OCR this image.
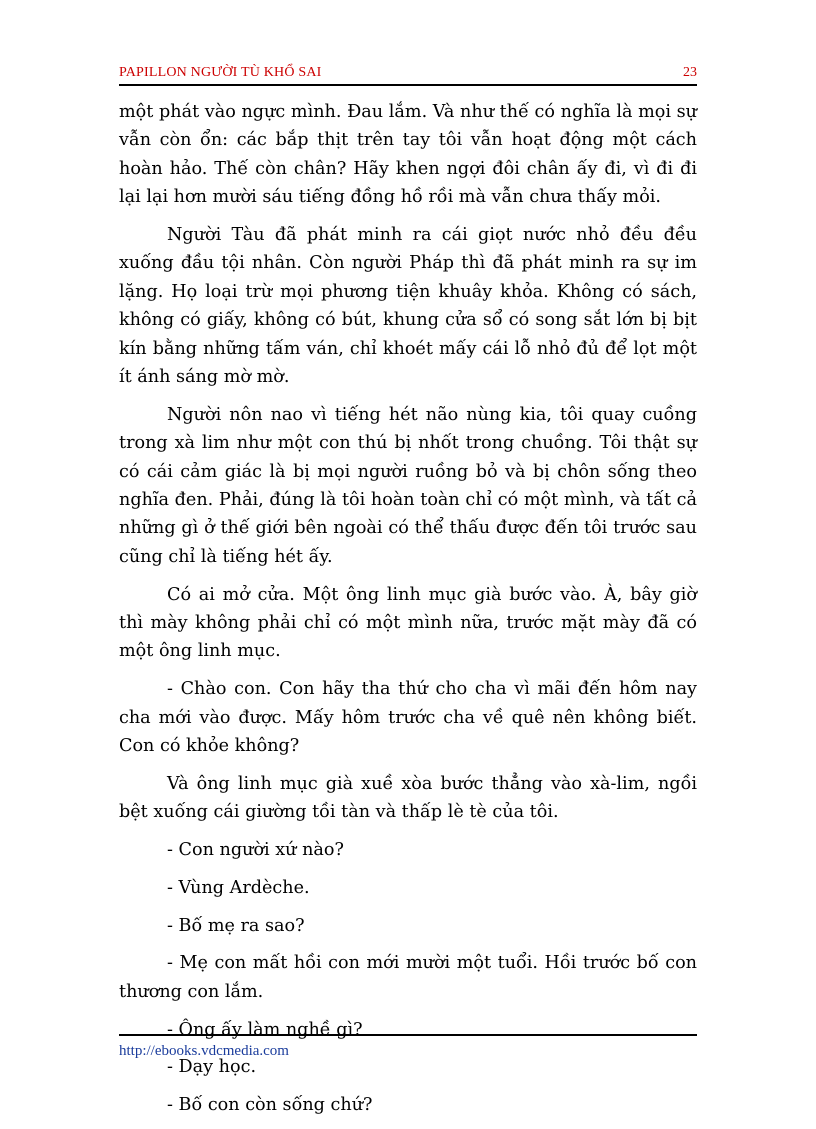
PAPILLON NGƯỜI TÙ KHỔ SAI	23

một phát vào ngực mình. Đau lắm. Và như thế có nghĩa là mọi sự vẫn còn ổn: các bắp thịt trên tay tôi vẫn hoạt động một cách hoàn hảo. Thế còn chân? Hãy khen ngợi đôi chân ấy đi, vì đi đi lại lại hơn mười sáu tiếng đồng hồ rồi mà vẫn chưa thấy mỏi.

Người Tàu đã phát minh ra cái giọt nước nhỏ đều đều xuống đầu tội nhân. Còn người Pháp thì đã phát minh ra sự im lặng. Họ loại trừ mọi phương tiện khuây khỏa. Không có sách, không có giấy, không có bút, khung cửa sổ có song sắt lớn bị bịt kín bằng những tấm ván, chỉ khoét mấy cái lỗ nhỏ đủ để lọt một ít ánh sáng mờ mờ.

Người nôn nao vì tiếng hét não nùng kia, tôi quay cuồng trong xà lim như một con thú bị nhốt trong chuồng. Tôi thật sự có cái cảm giác là bị mọi người ruồng bỏ và bị chôn sống theo nghĩa đen. Phải, đúng là tôi hoàn toàn chỉ có một mình, và tất cả những gì ở thế giới bên ngoài có thể thấu được đến tôi trước sau cũng chỉ là tiếng hét ấy.

Có ai mở cửa. Một ông linh mục già bước vào. À, bây giờ thì mày không phải chỉ có một mình nữa, trước mặt mày đã có một ông linh mục.

- Chào con. Con hãy tha thứ cho cha vì mãi đến hôm nay cha mới vào được. Mấy hôm trước cha về quê nên không biết. Con có khỏe không?

Và ông linh mục già xuề xòa bước thẳng vào xà-lim, ngồi bệt xuống cái giường tồi tàn và thấp lè tè của tôi.

- Con người xứ nào?

- Vùng Ardèche.

- Bố mẹ ra sao?

- Mẹ con mất hồi con mới mười một tuổi. Hồi trước bố con thương con lắm.

- Ông ấy làm nghề gì?

- Dạy học.

- Bố con còn sống chứ?

http://ebooks.vdcmedia.com
